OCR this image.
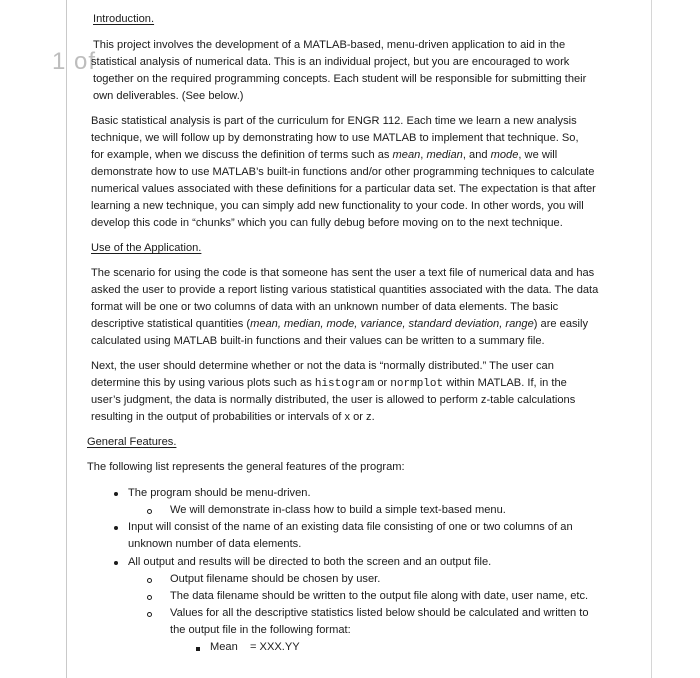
1 of

Introduction.

This project involves the development of a MATLAB-based, menu-driven application to aid in the

statistical analysis of numerical data. This is an individual project, but you are encouraged to work

together on the required programming concepts. Each student will be responsible for submitting their

own deliverables. (See below.)

Basic statistical analysis is part of the curriculum for ENGR 112. Each time we learn a new analysis

technique, we will follow up by demonstrating how to use MATLAB to implement that technique. So,

for example, when we discuss the definition of terms such as mean, median, and mode, we will

demonstrate how to use MATLAB’s built-in functions and/or other programming techniques to calculate

numerical values associated with these definitions for a particular data set. The expectation is that after

learning a new technique, you can simply add new functionality to your code. In other words, you will

develop this code in “chunks” which you can fully debug before moving on to the next technique.

Use of the Application.

The scenario for using the code is that someone has sent the user a text file of numerical data and has

asked the user to provide a report listing various statistical quantities associated with the data. The data

format will be one or two columns of data with an unknown number of data elements. The basic

descriptive statistical quantities (mean, median, mode, variance, standard deviation, range) are easily

calculated using MATLAB built-in functions and their values can be written to a summary file.

Next, the user should determine whether or not the data is “normally distributed.” The user can

determine this by using various plots such as histogram or normplot within MATLAB. If, in the

user’s judgment, the data is normally distributed, the user is allowed to perform z-table calculations

resulting in the output of probabilities or intervals of x or z.

General Features.

The following list represents the general features of the program:

The program should be menu-driven.

We will demonstrate in-class how to build a simple text-based menu.

Input will consist of the name of an existing data file consisting of one or two columns of an

unknown number of data elements.

All output and results will be directed to both the screen and an output file.

Output filename should be chosen by user.

The data filename should be written to the output file along with date, user name, etc.

Values for all the descriptive statistics listed below should be calculated and written to

the output file in the following format:

Mean = XXX.YY
